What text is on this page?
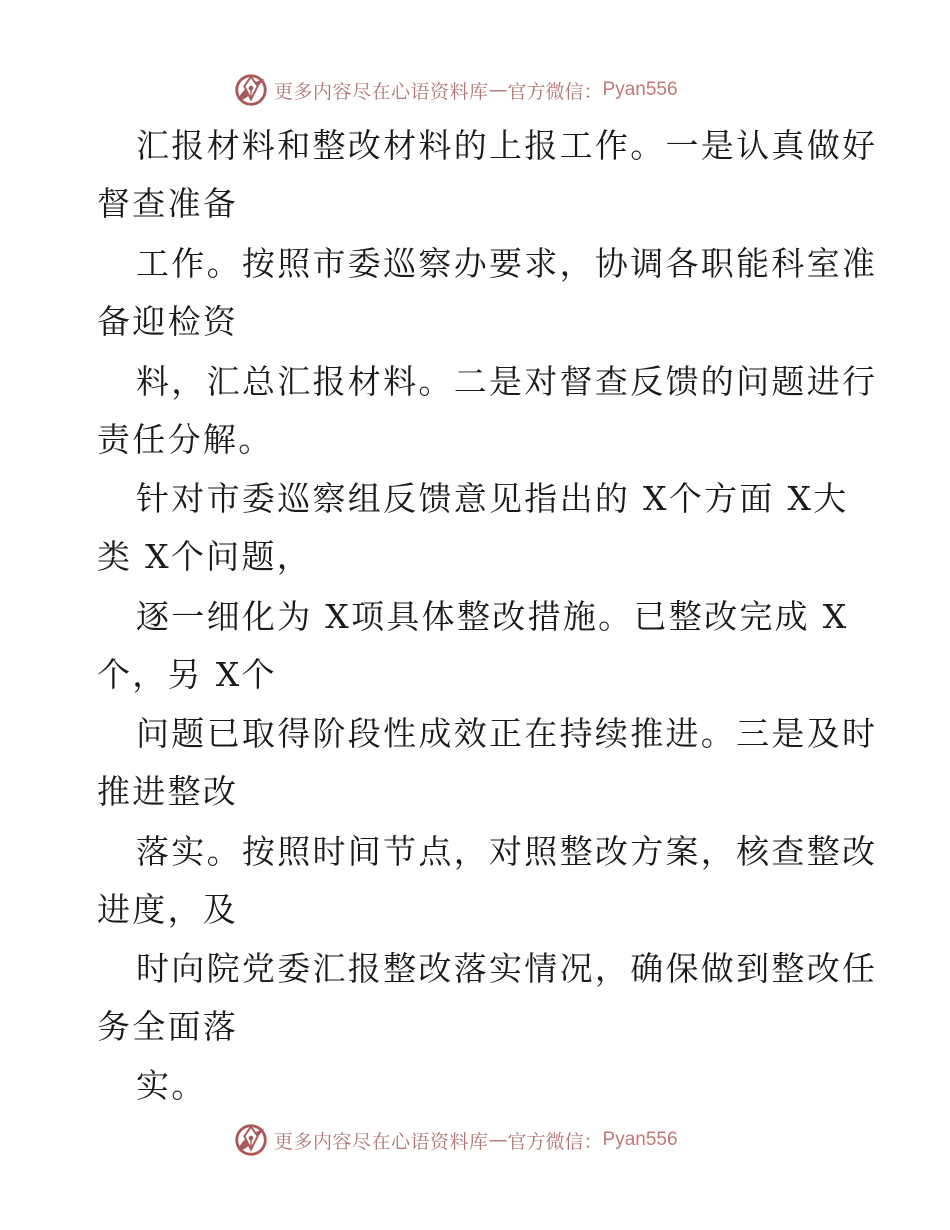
更多内容尽在心语资料库 — 官方微信： Pyan556
汇报材料和整改材料的上报工作。一是认真做好
督查准备
工作。按照市委巡察办要求，协调各职能科室准
备迎检资
料，汇总汇报材料。二是对督查反馈的问题进行
责任分解。
针对市委巡察组反馈意见指出的 X个方面 X大
类 X个问题，
逐一细化为 X项具体整改措施。已整改完成 X
个，另 X个
问题已取得阶段性成效正在持续推进。三是及时
推进整改
落实。按照时间节点，对照整改方案，核查整改
进度，及
时向院党委汇报整改落实情况，确保做到整改任
务全面落
实。
更多内容尽在心语资料库 — 官方微信： Pyan556
